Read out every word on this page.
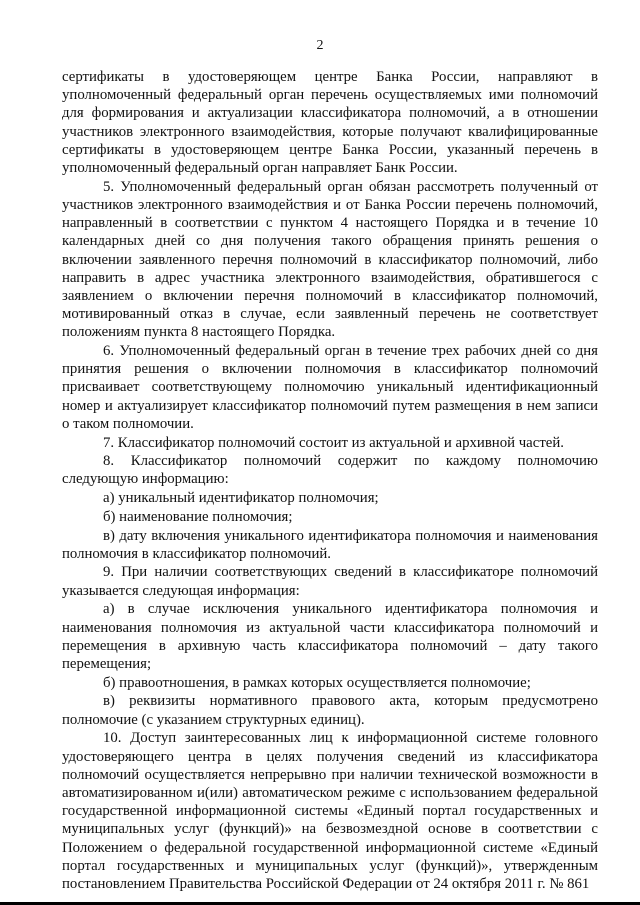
2

сертификаты в удостоверяющем центре Банка России, направляют в уполномоченный федеральный орган перечень осуществляемых ими полномочий для формирования и актуализации классификатора полномочий, а в отношении участников электронного взаимодействия, которые получают квалифицированные сертификаты в удостоверяющем центре Банка России, указанный перечень в уполномоченный федеральный орган направляет Банк России.

5. Уполномоченный федеральный орган обязан рассмотреть полученный от участников электронного взаимодействия и от Банка России перечень полномочий, направленный в соответствии с пунктом 4 настоящего Порядка и в течение 10 календарных дней со дня получения такого обращения принять решения о включении заявленного перечня полномочий в классификатор полномочий, либо направить в адрес участника электронного взаимодействия, обратившегося с заявлением о включении перечня полномочий в классификатор полномочий, мотивированный отказ в случае, если заявленный перечень не соответствует положениям пункта 8 настоящего Порядка.

6. Уполномоченный федеральный орган в течение трех рабочих дней со дня принятия решения о включении полномочия в классификатор полномочий присваивает соответствующему полномочию уникальный идентификационный номер и актуализирует классификатор полномочий путем размещения в нем записи о таком полномочии.

7. Классификатор полномочий состоит из актуальной и архивной частей.

8. Классификатор полномочий содержит по каждому полномочию следующую информацию:

а) уникальный идентификатор полномочия;

б) наименование полномочия;

в) дату включения уникального идентификатора полномочия и наименования полномочия в классификатор полномочий.

9. При наличии соответствующих сведений в классификаторе полномочий указывается следующая информация:

а) в случае исключения уникального идентификатора полномочия и наименования полномочия из актуальной части классификатора полномочий и перемещения в архивную часть классификатора полномочий – дату такого перемещения;

б) правоотношения, в рамках которых осуществляется полномочие;

в) реквизиты нормативного правового акта, которым предусмотрено полномочие (с указанием структурных единиц).

10. Доступ заинтересованных лиц к информационной системе головного удостоверяющего центра в целях получения сведений из классификатора полномочий осуществляется непрерывно при наличии технической возможности в автоматизированном и(или) автоматическом режиме с использованием федеральной государственной информационной системы «Единый портал государственных и муниципальных услуг (функций)» на безвозмездной основе в соответствии с Положением о федеральной государственной информационной системе «Единый портал государственных и муниципальных услуг (функций)», утвержденным постановлением Правительства Российской Федерации от 24 октября 2011 г. № 861
